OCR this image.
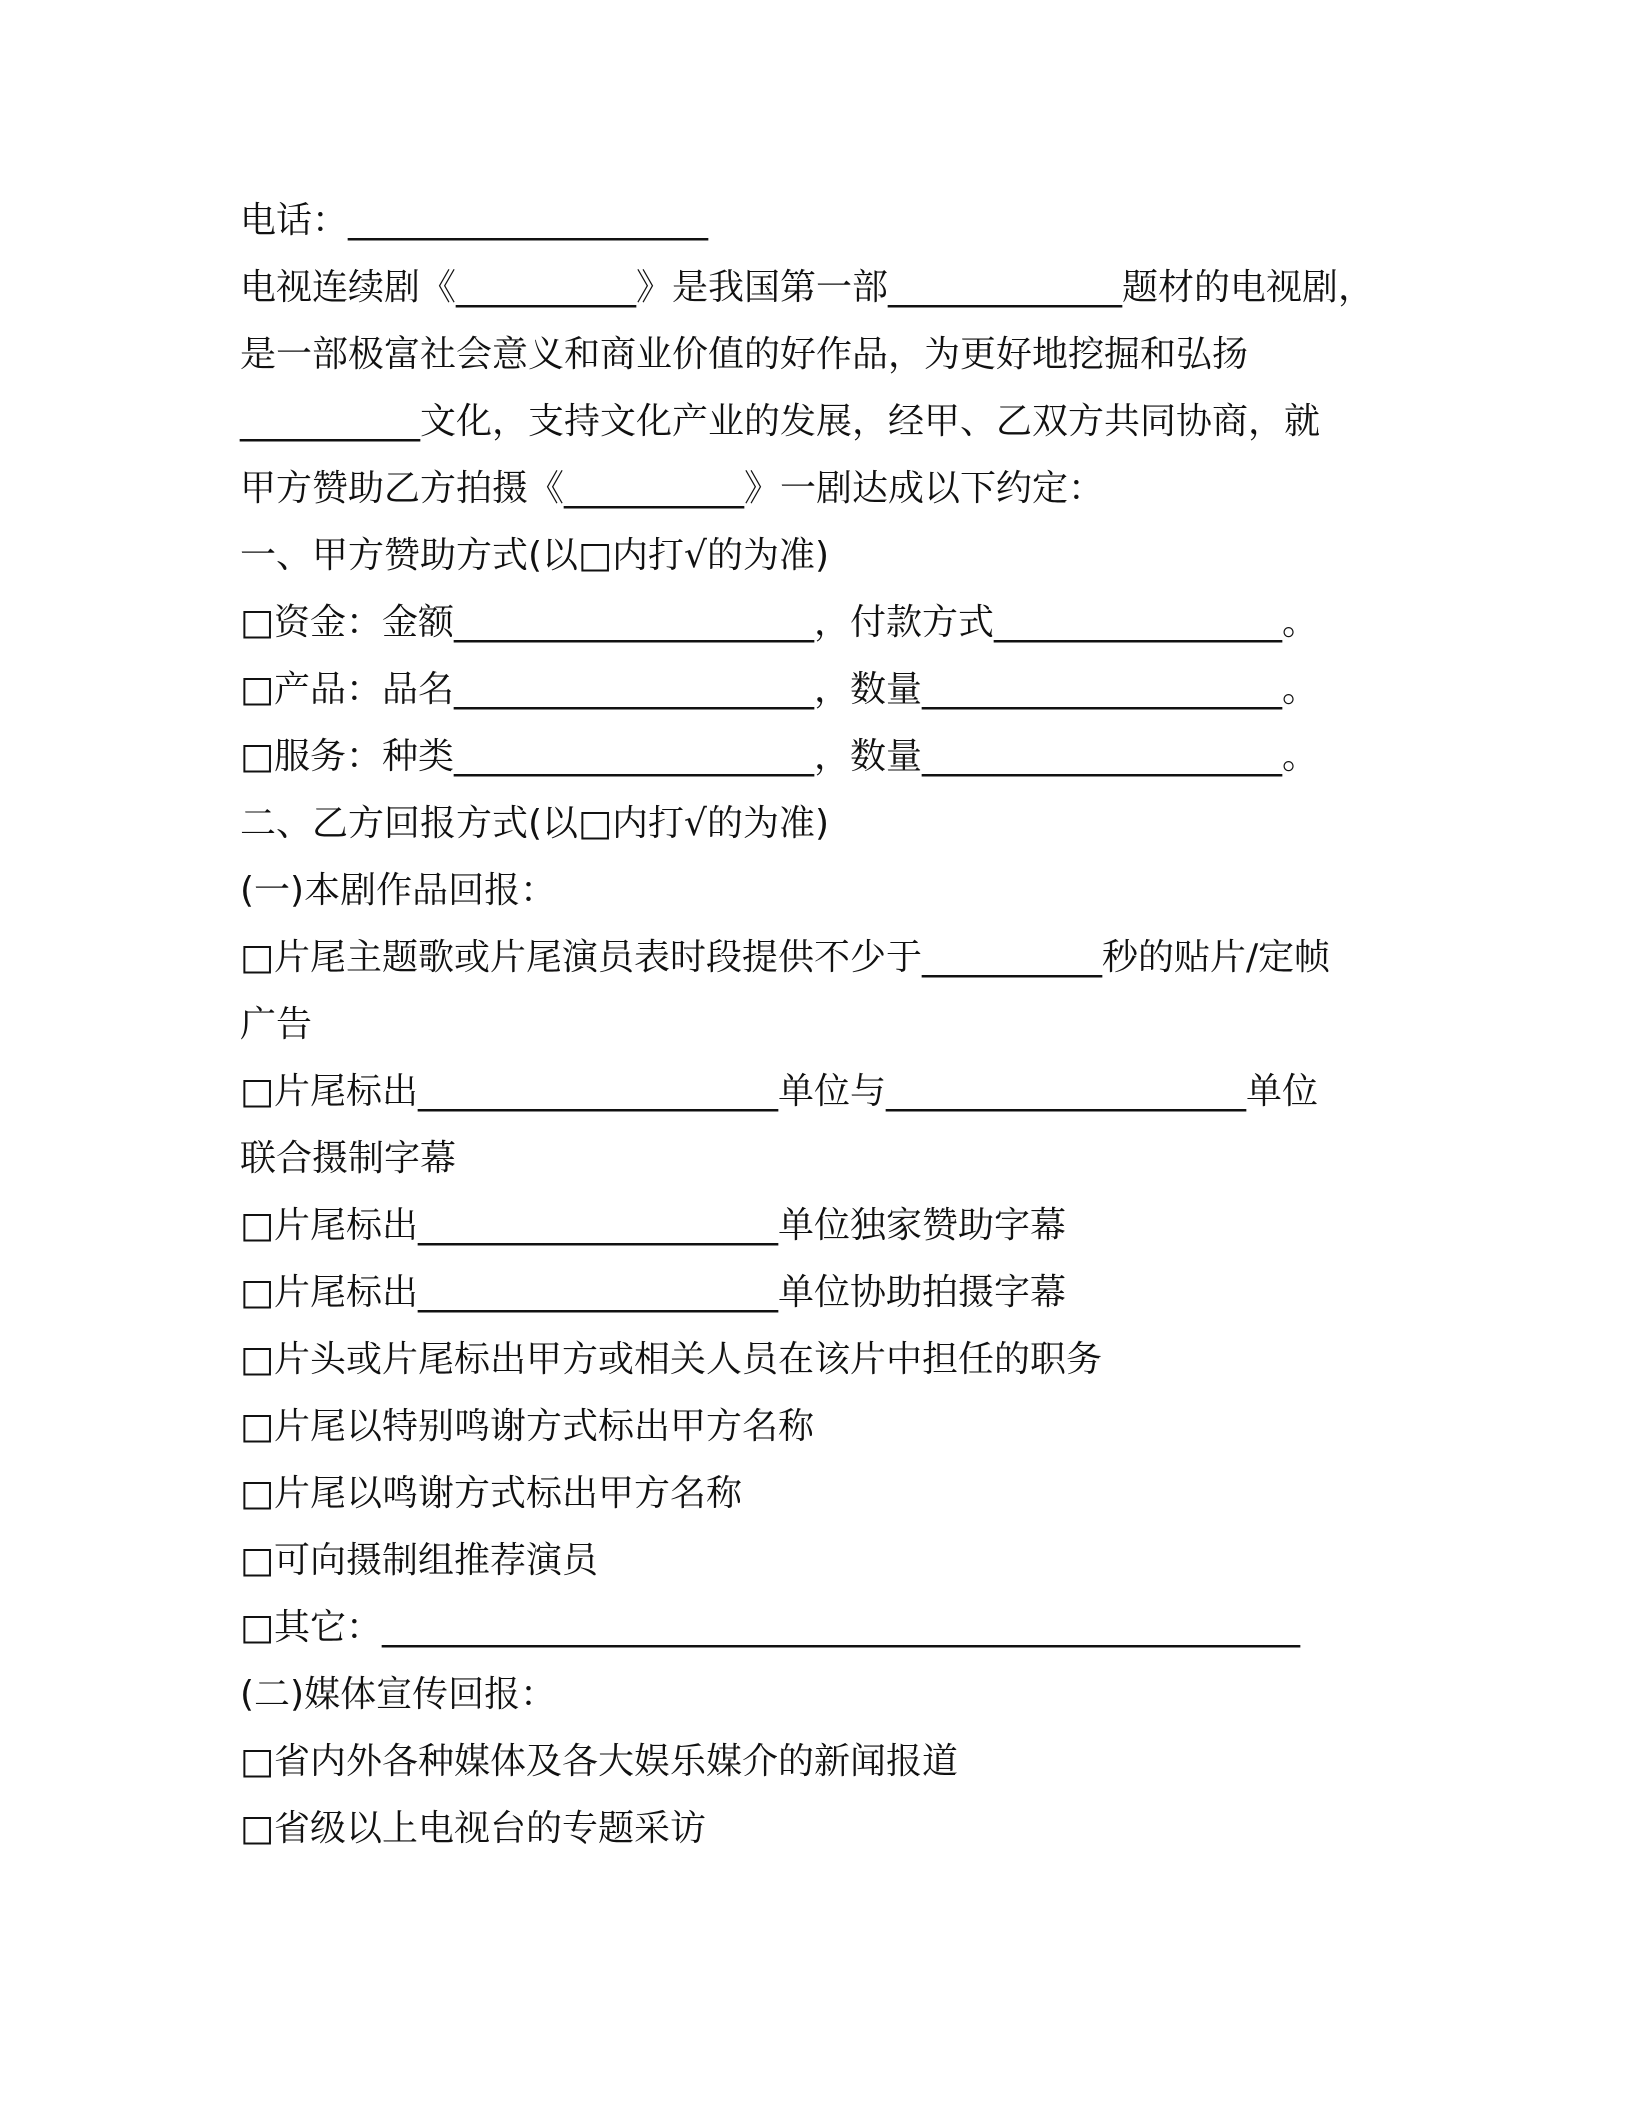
电话：____________________
电视连续剧《__________》是我国第一部_____________题材的电视剧，
是一部极富社会意义和商业价值的好作品，为更好地挖掘和弘扬
__________文化，支持文化产业的发展，经甲、乙双方共同协商，就
甲方赞助乙方拍摄《__________》一剧达成以下约定：
一、甲方赞助方式(以□内打√的为准)
□资金：金额____________________，付款方式________________。
□产品：品名____________________，数量____________________。
□服务：种类____________________，数量____________________。
二、乙方回报方式(以□内打√的为准)
(一)本剧作品回报：
□片尾主题歌或片尾演员表时段提供不少于__________秒的贴片/定帧
广告
□片尾标出____________________单位与____________________单位
联合摄制字幕
□片尾标出____________________单位独家赞助字幕
□片尾标出____________________单位协助拍摄字幕
□片头或片尾标出甲方或相关人员在该片中担任的职务
□片尾以特别鸣谢方式标出甲方名称
□片尾以鸣谢方式标出甲方名称
□可向摄制组推荐演员
□其它：___________________________________________________
(二)媒体宣传回报：
□省内外各种媒体及各大娱乐媒介的新闻报道
□省级以上电视台的专题采访
